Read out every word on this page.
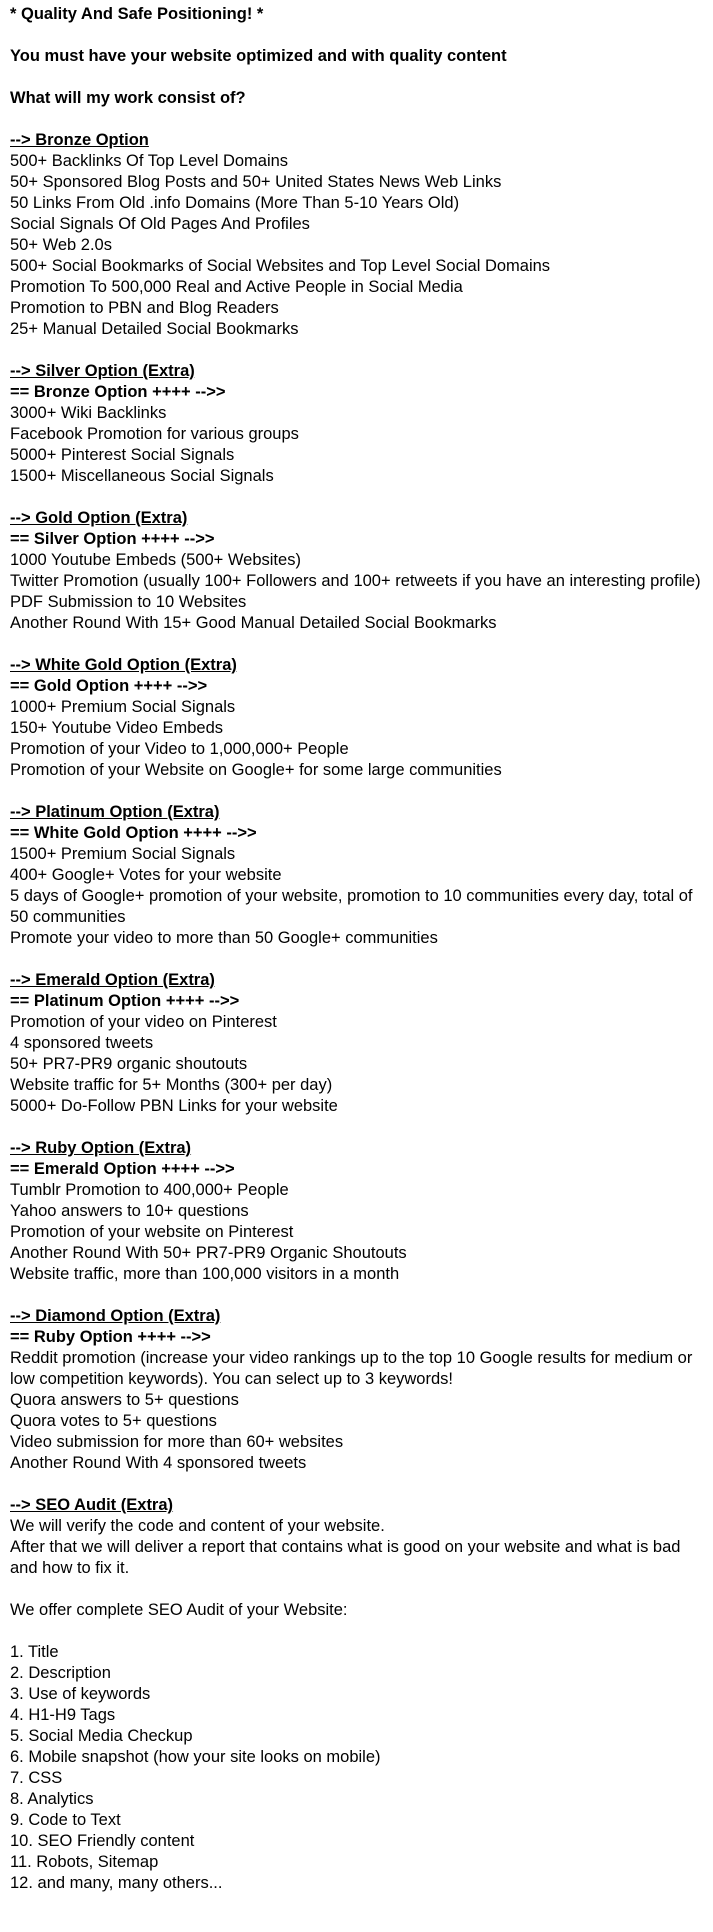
* Quality And Safe Positioning! *
You must have your website optimized and with quality content
What will my work consist of?
--> Bronze Option
500+ Backlinks Of Top Level Domains
50+ Sponsored Blog Posts and 50+ United States News Web Links
50 Links From Old .info Domains (More Than 5-10 Years Old)
Social Signals Of Old Pages And Profiles
50+ Web 2.0s
500+ Social Bookmarks of Social Websites and Top Level Social Domains
Promotion To 500,000 Real and Active People in Social Media
Promotion to PBN and Blog Readers
25+ Manual Detailed Social Bookmarks
--> Silver Option (Extra)
== Bronze Option ++++ -->>
3000+ Wiki Backlinks
Facebook Promotion for various groups
5000+ Pinterest Social Signals
1500+ Miscellaneous Social Signals
--> Gold Option (Extra)
== Silver Option ++++ -->>
1000 Youtube Embeds (500+ Websites)
Twitter Promotion (usually 100+ Followers and 100+ retweets if you have an interesting profile)
PDF Submission to 10 Websites
Another Round With 15+ Good Manual Detailed Social Bookmarks
--> White Gold Option (Extra)
== Gold Option ++++ -->>
1000+ Premium Social Signals
150+ Youtube Video Embeds
Promotion of your Video to 1,000,000+ People
Promotion of your Website on Google+ for some large communities
--> Platinum Option (Extra)
== White Gold Option ++++ -->>
1500+ Premium Social Signals
400+ Google+ Votes for your website
5 days of Google+ promotion of your website, promotion to 10 communities every day, total of 50 communities
Promote your video to more than 50 Google+ communities
--> Emerald Option (Extra)
== Platinum Option ++++ -->>
Promotion of your video on Pinterest
4 sponsored tweets
50+ PR7-PR9 organic shoutouts
Website traffic for 5+ Months (300+ per day)
5000+ Do-Follow PBN Links for your website
--> Ruby Option (Extra)
== Emerald Option ++++ -->>
Tumblr Promotion to 400,000+ People
Yahoo answers to 10+ questions
Promotion of your website on Pinterest
Another Round With 50+ PR7-PR9 Organic Shoutouts
Website traffic, more than 100,000 visitors in a month
--> Diamond Option (Extra)
== Ruby Option ++++ -->>
Reddit promotion (increase your video rankings up to the top 10 Google results for medium or low competition keywords). You can select up to 3 keywords!
Quora answers to 5+ questions
Quora votes to 5+ questions
Video submission for more than 60+ websites
Another Round With 4 sponsored tweets
--> SEO Audit (Extra)
We will verify the code and content of your website.
After that we will deliver a report that contains what is good on your website and what is bad and how to fix it.
We offer complete SEO Audit of your Website:
1. Title
2. Description
3. Use of keywords
4. H1-H9 Tags
5. Social Media Checkup
6. Mobile snapshot (how your site looks on mobile)
7. CSS
8. Analytics
9. Code to Text
10. SEO Friendly content
11. Robots, Sitemap
12. and many, many others...
